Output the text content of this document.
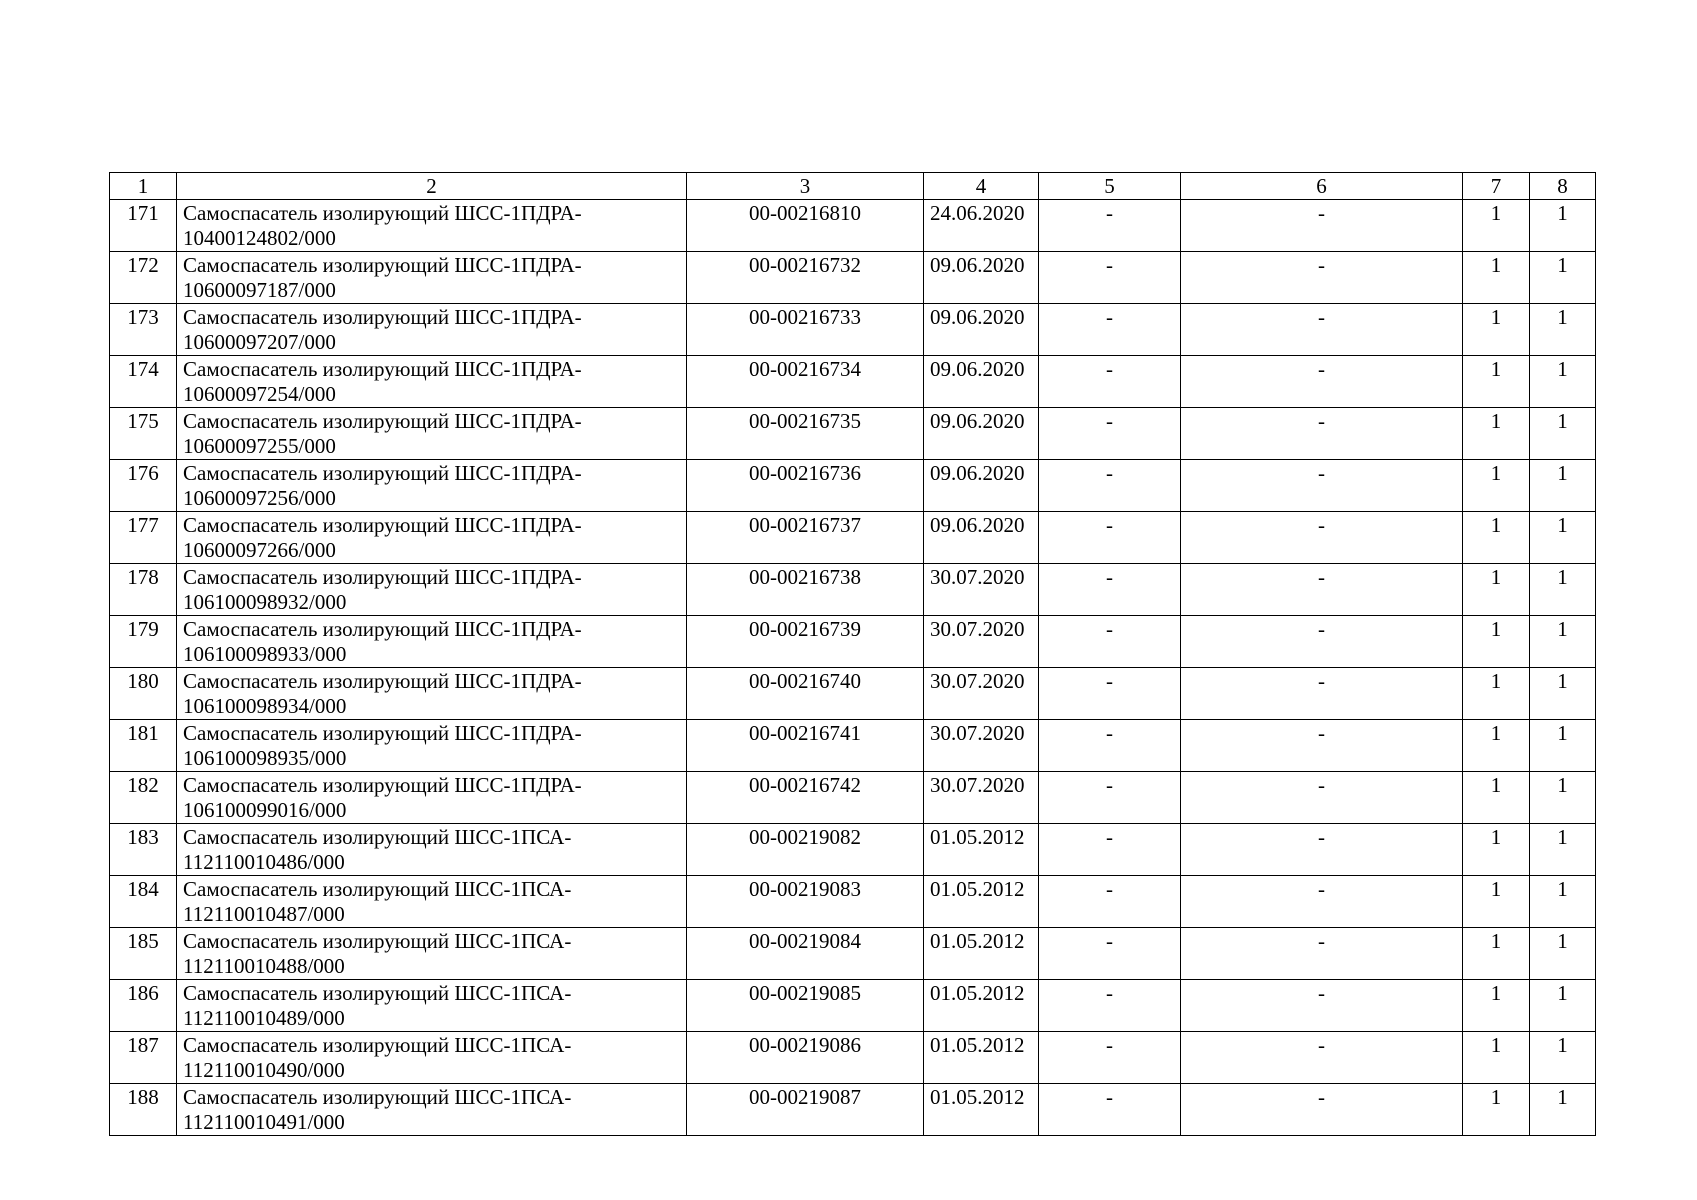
1	2	3	4	5	6	7	8
171	Самоспасатель изолирующий ШСС-1ПДРА-
10400124802/000	00-00216810	24.06.2020	-	-	1	1
172	Самоспасатель изолирующий ШСС-1ПДРА-
10600097187/000	00-00216732	09.06.2020	-	-	1	1
173	Самоспасатель изолирующий ШСС-1ПДРА-
10600097207/000	00-00216733	09.06.2020	-	-	1	1
174	Самоспасатель изолирующий ШСС-1ПДРА-
10600097254/000	00-00216734	09.06.2020	-	-	1	1
175	Самоспасатель изолирующий ШСС-1ПДРА-
10600097255/000	00-00216735	09.06.2020	-	-	1	1
176	Самоспасатель изолирующий ШСС-1ПДРА-
10600097256/000	00-00216736	09.06.2020	-	-	1	1
177	Самоспасатель изолирующий ШСС-1ПДРА-
10600097266/000	00-00216737	09.06.2020	-	-	1	1
178	Самоспасатель изолирующий ШСС-1ПДРА-
106100098932/000	00-00216738	30.07.2020	-	-	1	1
179	Самоспасатель изолирующий ШСС-1ПДРА-
106100098933/000	00-00216739	30.07.2020	-	-	1	1
180	Самоспасатель изолирующий ШСС-1ПДРА-
106100098934/000	00-00216740	30.07.2020	-	-	1	1
181	Самоспасатель изолирующий ШСС-1ПДРА-
106100098935/000	00-00216741	30.07.2020	-	-	1	1
182	Самоспасатель изолирующий ШСС-1ПДРА-
106100099016/000	00-00216742	30.07.2020	-	-	1	1
183	Самоспасатель изолирующий ШСС-1ПСА-
112110010486/000	00-00219082	01.05.2012	-	-	1	1
184	Самоспасатель изолирующий ШСС-1ПСА-
112110010487/000	00-00219083	01.05.2012	-	-	1	1
185	Самоспасатель изолирующий ШСС-1ПСА-
112110010488/000	00-00219084	01.05.2012	-	-	1	1
186	Самоспасатель изолирующий ШСС-1ПСА-
112110010489/000	00-00219085	01.05.2012	-	-	1	1
187	Самоспасатель изолирующий ШСС-1ПСА-
112110010490/000	00-00219086	01.05.2012	-	-	1	1
188	Самоспасатель изолирующий ШСС-1ПСА-
112110010491/000	00-00219087	01.05.2012	-	-	1	1
